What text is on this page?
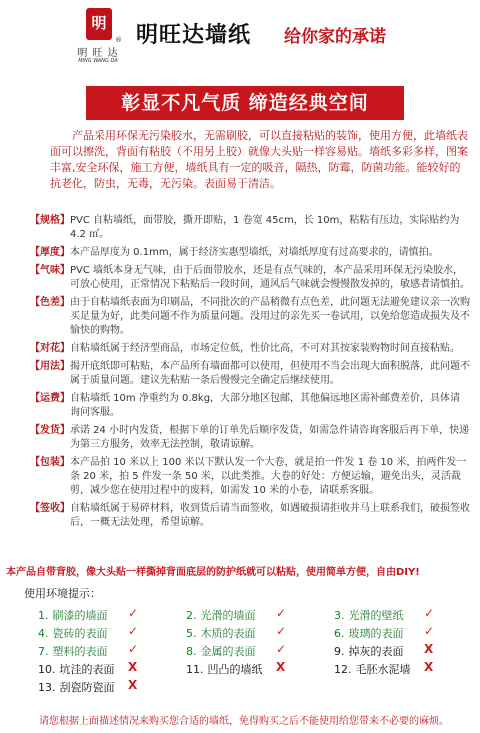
明
®
明 旺 达
MING WANG DA
明旺达墙纸 给你家的承诺
彰显不凡气质 缔造经典空间
产品采用环保无污染胶水，无需刷胶，可以直接粘贴的装饰，使用方便，此墙纸表面可以擦洗，背面有粘胶（不用另上胶）就像大头贴一样容易贴。墙纸多彩多样，图案丰富,安全环保，施工方便，墙纸具有一定的吸音，隔热，防霉，防菌功能。能较好的抗老化，防虫，无毒，无污染。表面易于清洁。
【规格】 PVC 自粘墙纸，面带胶，撕开即贴，1 卷宽 45cm，长 10m，粘粘有压边，实际贴约为 4.2 ㎡。
【厚度】 本产品厚度为 0.1mm，属于经济实惠型墙纸，对墙纸厚度有过高要求的，请慎拍。
【气味】 PVC 墙纸本身无气味，由于后面带胶水，还是有点气味的，本产品采用环保无污染胶水，可放心使用，正常情况下粘贴后一段时间，通风后气味就会慢慢散发掉的，敏感者请慎拍。
【色差】 由于自粘墙纸表面为印刷品，不同批次的产品稍微有点色差，此问题无法避免建议亲一次购买足量为好，此类问题不作为质量问题。没用过的亲先买一卷试用，以免给您造成损失及不愉快的购物。
【对花】 自粘墙纸属于经济型商品，市场定位低，性价比高，不可对其按家装购物时间直接粘贴。
【用法】 揭开底纸即可粘贴，本产品所有墙面都可以使用，但使用不当会出现大面积脱落，此问题不属于质量问题。建议先粘贴一条后慢慢完全确定后继续使用。
【运费】 自粘墙纸 10m 净重约为 0.8kg，大部分地区包邮，其他偏远地区需补邮费差价，具体请询问客服。
【发货】 承诺 24 小时内发货，根据下单的订单先后顺序发货，如需急件请咨询客服后再下单，快递为第三方服务，效率无法控制，敬请谅解。
【包装】 本产品拍 10 米以上 100 米以下默认发一个大卷，就是拍一件发 1 卷 10 米，拍两件发一条 20 米，拍 5 件发一条 50 米，以此类推。大卷的好处：方便运输，避免出头，灵活裁剪，减少您在使用过程中的废料，如需发 10 米的小卷，请联系客服。
【签收】 自粘墙纸属于易碎材料，收到货后请当面签收，如遇破损请拒收并马上联系我们，破损签收后，一概无法处理，希望谅解。
本产品自带背胶，像大头贴一样撕掉背面底层的防护纸就可以粘贴，使用简单方便，自由DIY!
使用环境提示：
1. 刷漆的墙面 ✓	2. 光滑的墙面 ✓	3. 光滑的壁纸 ✓
4. 瓷砖的表面 ✓	5. 木质的表面 ✓	6. 玻璃的表面 ✓
7. 塑料的表面 ✓	8. 金属的表面 ✓	9. 掉灰的表面 X
10. 坑洼的表面 X	11. 凹凸的墙纸 X	12. 毛胚水泥墙 X
13. 刮瓷防瓷面 X
请您根据上面描述情况来购买您合适的墙纸，免得购买之后不能使用给您带来不必要的麻烦。
